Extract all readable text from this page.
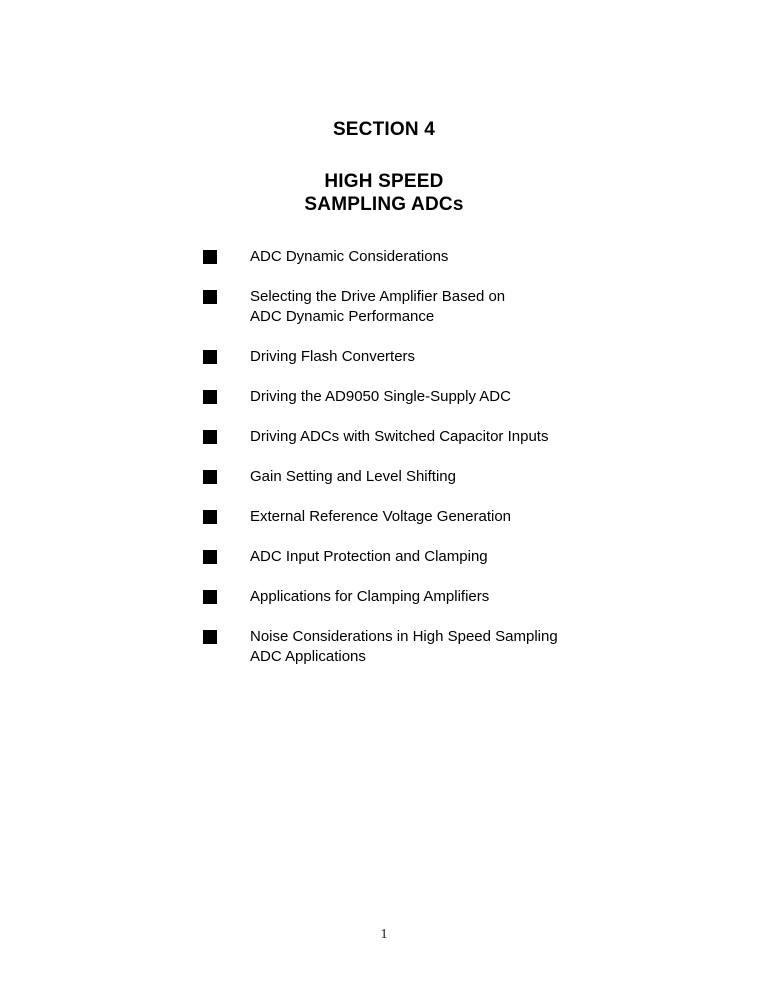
SECTION 4
HIGH SPEED
SAMPLING ADCs
ADC Dynamic Considerations
Selecting the Drive Amplifier Based on
ADC Dynamic Performance
Driving Flash Converters
Driving the AD9050 Single-Supply ADC
Driving ADCs with Switched Capacitor Inputs
Gain Setting and Level Shifting
External Reference Voltage Generation
ADC Input Protection and Clamping
Applications for Clamping Amplifiers
Noise Considerations in High Speed Sampling
ADC Applications
1
